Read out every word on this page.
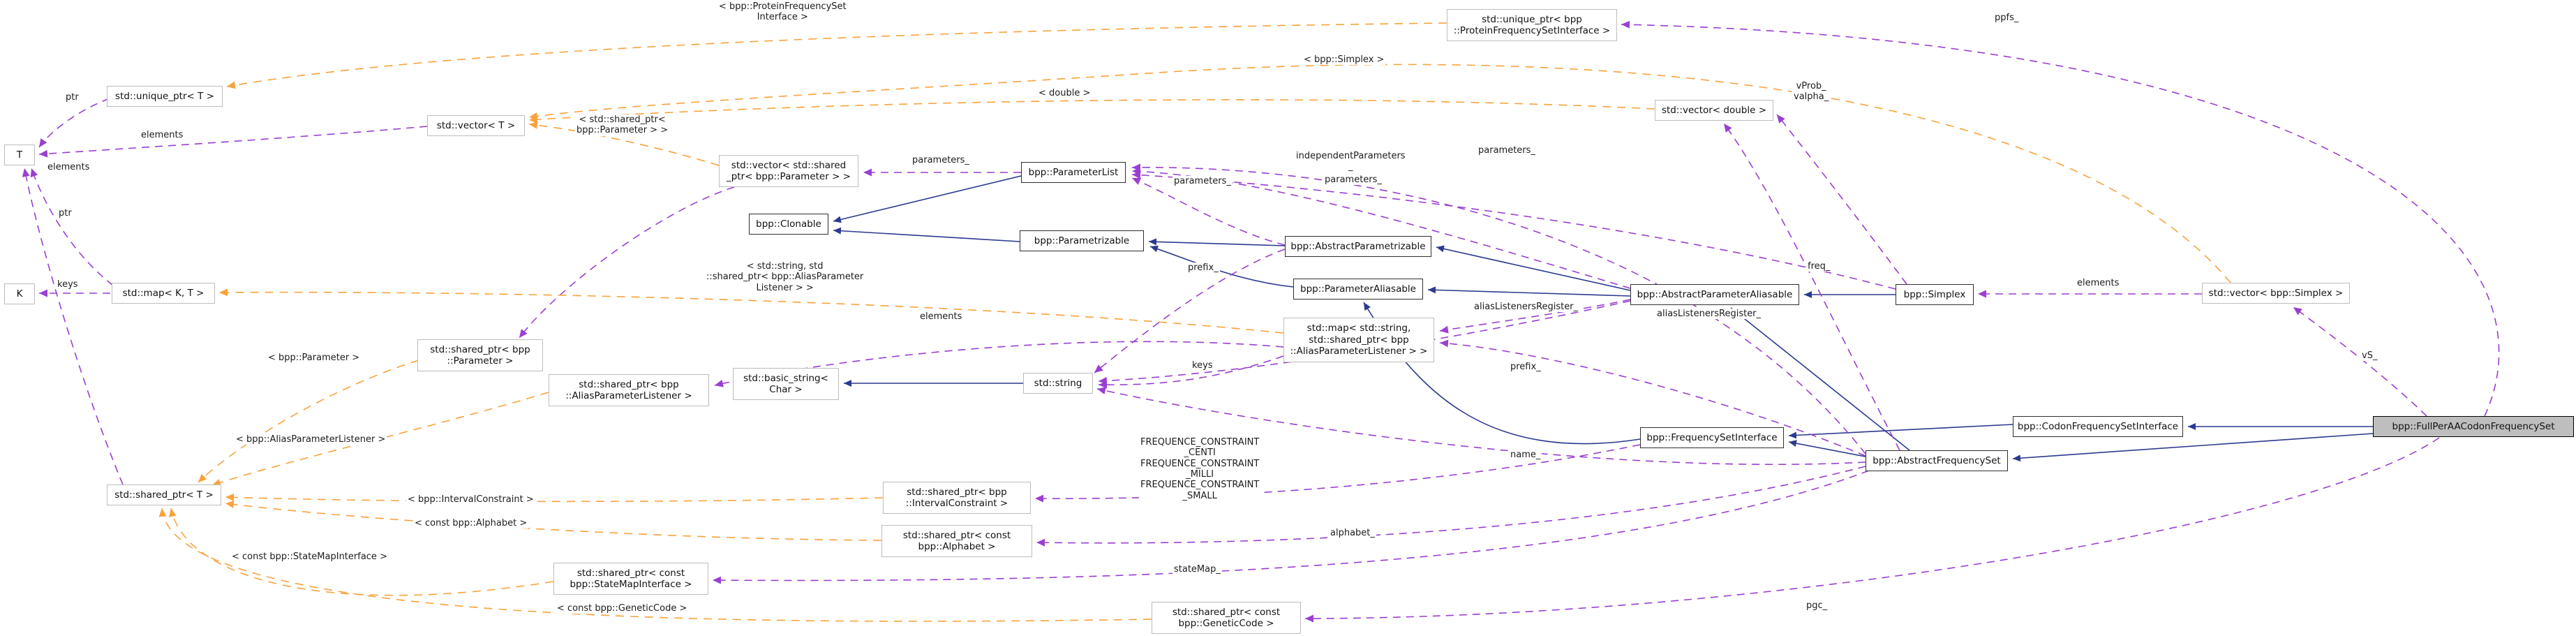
T
K
std::unique_ptr< T >
std::vector< T >
std::map< K, T >
std::shared_ptr< bpp
::Parameter >
std::shared_ptr< bpp
::AliasParameterListener >
std::shared_ptr< T >
std::basic_string<
Char >
std::string
std::vector< std::shared
_ptr< bpp::Parameter > >	bpp::ParameterList
bpp::Clonable
bpp::Parametrizable	bpp::AbstractParametrizable
bpp::ParameterAliasable
std::map< std::string,
std::shared_ptr< bpp
::AliasParameterListener > >
bpp::AbstractParameterAliasable	bpp::Simplex
std::vector< double >
std::unique_ptr< bpp
::ProteinFrequencySetInterface >
std::vector< bpp::Simplex >
bpp::FrequencySetInterface
bpp::AbstractFrequencySet
bpp::CodonFrequencySetInterface	bpp::FullPerAACodonFrequencySet
std::shared_ptr< bpp
::IntervalConstraint >
std::shared_ptr< const
bpp::Alphabet >
std::shared_ptr< const
bpp::StateMapInterface >
std::shared_ptr< const
bpp::GeneticCode >
ptr
elements
elements
ptr
keys
parameters_	independentParameters
_
parameters_
parameters_
parameters_
prefix_
keys
elements
aliasListenersRegister_
aliasListenersRegister_
freq_
vProb_
valpha_
ppfs_
elements
vS_
prefix_
name_
alphabet_
stateMap_
pgc_
FREQUENCE_CONSTRAINT
_CENTI
FREQUENCE_CONSTRAINT
_MILLI
FREQUENCE_CONSTRAINT
_SMALL
< bpp::ProteinFrequencySet
Interface >
< bpp::Simplex >
< double >
< std::shared_ptr<
bpp::Parameter > >
< std::string, std
::shared_ptr< bpp::AliasParameter
Listener > >
< bpp::Parameter >
< bpp::AliasParameterListener >
< bpp::IntervalConstraint >
< const bpp::Alphabet >
< const bpp::StateMapInterface >
< const bpp::GeneticCode >
